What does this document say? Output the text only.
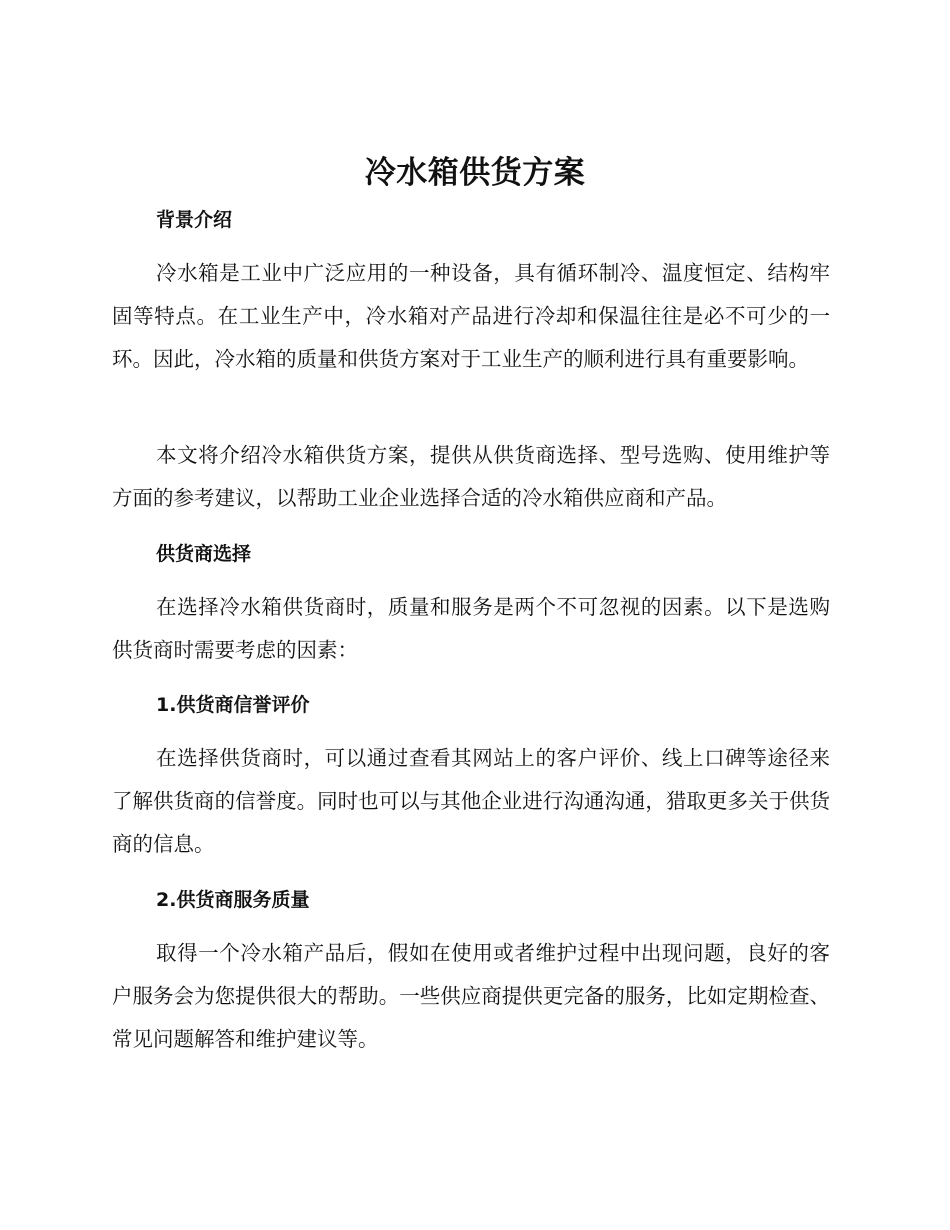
冷水箱供货方案
背景介绍

冷水箱是工业中广泛应用的一种设备，具有循环制冷、温度恒定、结构牢固等特点。在工业生产中，冷水箱对产品进行冷却和保温往往是必不可少的一环。因此，冷水箱的质量和供货方案对于工业生产的顺利进行具有重要影响。

本文将介绍冷水箱供货方案，提供从供货商选择、型号选购、使用维护等方面的参考建议，以帮助工业企业选择合适的冷水箱供应商和产品。

供货商选择

在选择冷水箱供货商时，质量和服务是两个不可忽视的因素。以下是选购供货商时需要考虑的因素：

1.供货商信誉评价

在选择供货商时，可以通过查看其网站上的客户评价、线上口碑等途径来了解供货商的信誉度。同时也可以与其他企业进行沟通沟通，猎取更多关于供货商的信息。

2.供货商服务质量

取得一个冷水箱产品后，假如在使用或者维护过程中出现问题，良好的客户服务会为您提供很大的帮助。一些供应商提供更完备的服务，比如定期检查、常见问题解答和维护建议等。
